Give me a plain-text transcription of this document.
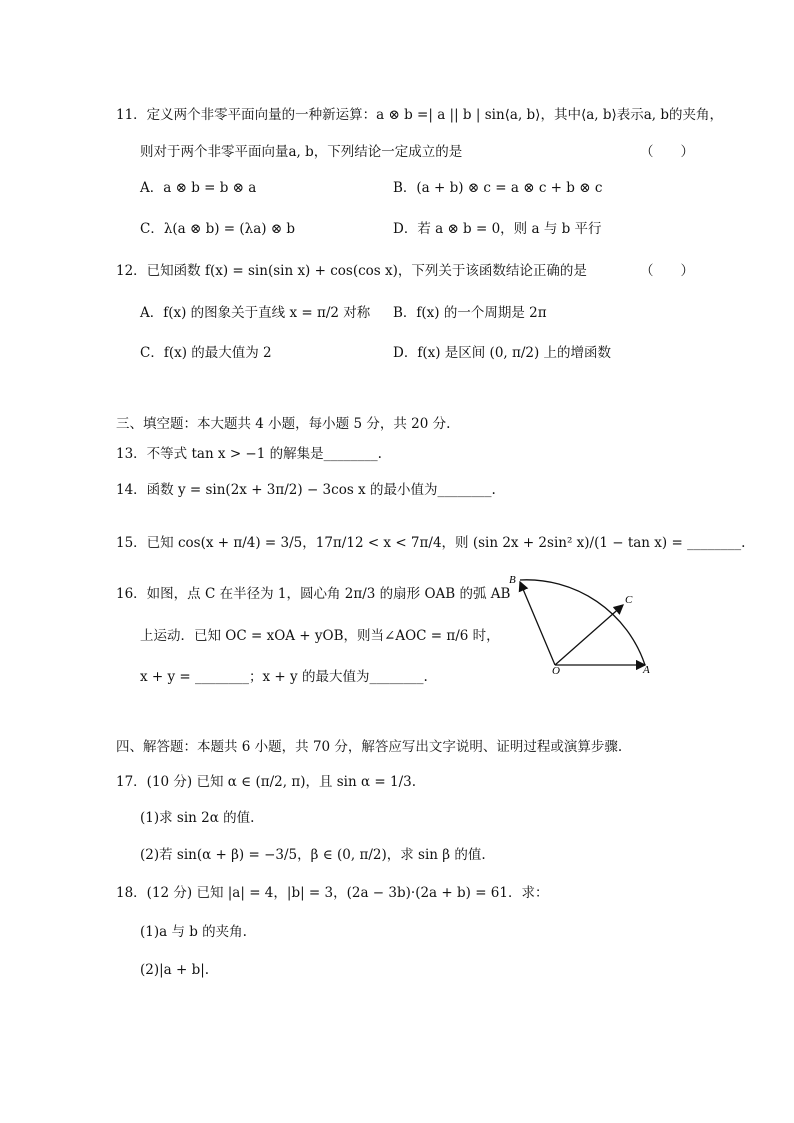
11．定义两个非零平面向量的一种新运算：a ⊗ b =| a || b | sin⟨a, b⟩，其中⟨a, b⟩表示a, b的夹角，
则对于两个非零平面向量a, b，下列结论一定成立的是	（　　）
A．a ⊗ b = b ⊗ a	B．(a + b) ⊗ c = a ⊗ c + b ⊗ c
C．λ(a ⊗ b) = (λa) ⊗ b	D．若 a ⊗ b = 0，则 a 与 b 平行
12．已知函数 f(x) = sin(sin x) + cos(cos x)，下列关于该函数结论正确的是	（　　）
A．f(x) 的图象关于直线 x = π/2 对称 B．f(x) 的一个周期是 2π
C．f(x) 的最大值为 2	D．f(x) 是区间 (0, π/2) 上的增函数
三、填空题：本大题共 4 小题，每小题 5 分，共 20 分.
13．不等式 tan x > −1 的解集是________.
14．函数 y = sin(2x + 3π/2) − 3cos x 的最小值为________.
15．已知 cos(x + π/4) = 3/5，17π/12 < x < 7π/4，则 (sin 2x + 2sin² x)/(1 − tan x) = ________.
16．如图，点 C 在半径为 1，圆心角 2π/3 的扇形 OAB 的弧 AB
上运动．已知 OC = xOA + yOB，则当∠AOC = π/6 时，
x + y = ________；x + y 的最大值为________.
B
C
O	A
四、解答题：本题共 6 小题，共 70 分，解答应写出文字说明、证明过程或演算步骤.
17．(10 分) 已知 α ∈ (π/2, π)，且 sin α = 1/3.
(1)求 sin 2α 的值.
(2)若 sin(α + β) = −3/5，β ∈ (0, π/2)，求 sin β 的值.
18．(12 分) 已知 |a| = 4，|b| = 3，(2a − 3b)·(2a + b) = 61．求：
(1)a 与 b 的夹角.
(2)|a + b|.
